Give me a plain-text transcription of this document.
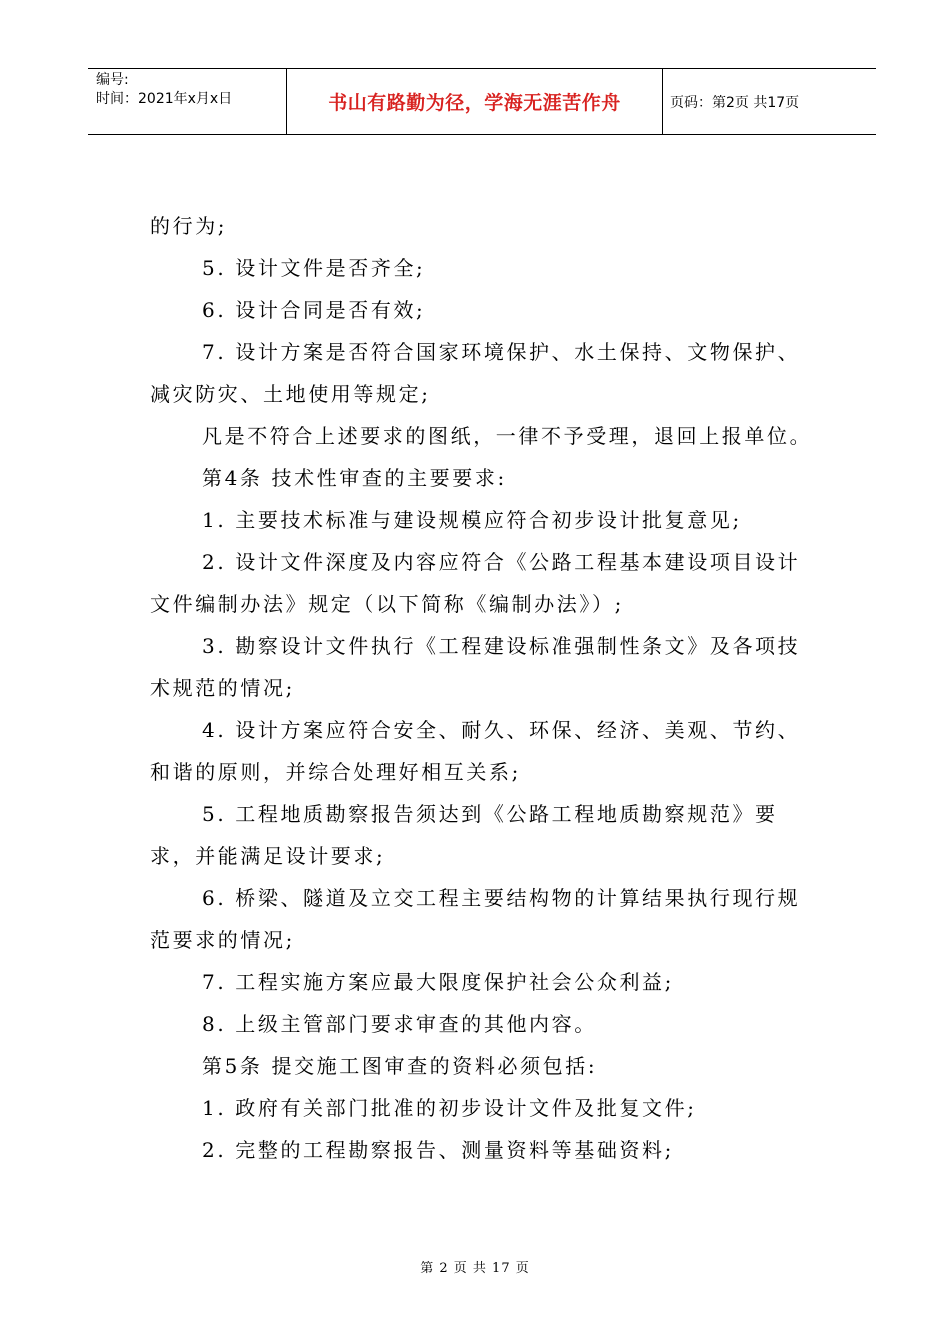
编号:
时间：2021年x月x日	书山有路勤为径，学海无涯苦作舟	页码：第2页 共17页

的行为;

5. 设计文件是否齐全;

6. 设计合同是否有效;

7. 设计方案是否符合国家环境保护、水土保持、文物保护、减灾防灾、土地使用等规定;

凡是不符合上述要求的图纸，一律不予受理，退回上报单位。

第4条 技术性审查的主要要求:

1. 主要技术标准与建设规模应符合初步设计批复意见;

2. 设计文件深度及内容应符合《公路工程基本建设项目设计文件编制办法》规定（以下简称《编制办法》）;

3. 勘察设计文件执行《工程建设标准强制性条文》及各项技术规范的情况;

4. 设计方案应符合安全、耐久、环保、经济、美观、节约、和谐的原则，并综合处理好相互关系;

5. 工程地质勘察报告须达到《公路工程地质勘察规范》要求，并能满足设计要求;

6. 桥梁、隧道及立交工程主要结构物的计算结果执行现行规范要求的情况;

7. 工程实施方案应最大限度保护社会公众利益;

8. 上级主管部门要求审查的其他内容。

第5条 提交施工图审查的资料必须包括:

1. 政府有关部门批准的初步设计文件及批复文件;

2. 完整的工程勘察报告、测量资料等基础资料;

第 2 页 共 17 页
